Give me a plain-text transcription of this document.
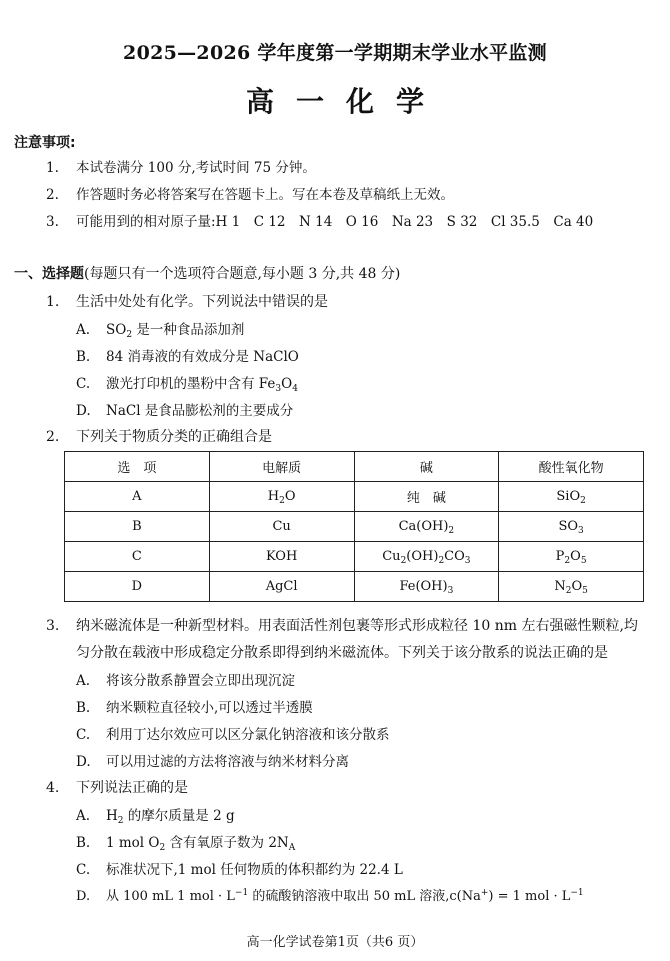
2025—2026 学年度第一学期期末学业水平监测
高一化学
注意事项:
1. 本试卷满分 100 分,考试时间 75 分钟。
2. 作答题时务必将答案写在答题卡上。写在本卷及草稿纸上无效。
3. 可能用到的相对原子量:H 1　C 12　N 14　O 16　Na 23　S 32　Cl 35.5　Ca 40
一、选择题(每题只有一个选项符合题意,每小题 3 分,共 48 分)
1. 生活中处处有化学。下列说法中错误的是
A. $SO_2$ 是一种食品添加剂
B. 84 消毒液的有效成分是 NaClO
C. 激光打印机的墨粉中含有 $Fe_3O_4$
D. NaCl 是食品膨松剂的主要成分
2. 下列关于物质分类的正确组合是
选　项	电解质	碱	酸性氧化物
A	$H_2O$	纯　碱	SiO$_2$
B	Cu	$Ca(OH)_2$	$SO_3$
C	KOH	$Cu_2(OH)_2CO_3$	$P_2O_5$
D	AgCl	$Fe(OH)_3$	$N_2O_5$
3. 纳米磁流体是一种新型材料。用表面活性剂包裹等形式形成粒径 10 nm 左右强磁性颗粒,均
匀分散在载液中形成稳定分散系即得到纳米磁流体。下列关于该分散系的说法正确的是
A. 将该分散系静置会立即出现沉淀
B. 纳米颗粒直径较小,可以透过半透膜
C. 利用丁达尔效应可以区分氯化钠溶液和该分散系
D. 可以用过滤的方法将溶液与纳米材料分离
4. 下列说法正确的是
A. $H_2$ 的摩尔质量是 2 g
B. 1 mol $O_2$ 含有氧原子数为 $2N_A$
C. 标准状况下,1 mol 任何物质的体积都约为 22.4 L
D. 从 100 mL 1 mol · $L^{-1}$ 的硫酸钠溶液中取出 50 mL 溶液,c(Na+) = 1 mol · $L^{-1}$
高一化学试卷第1页（共6 页）
